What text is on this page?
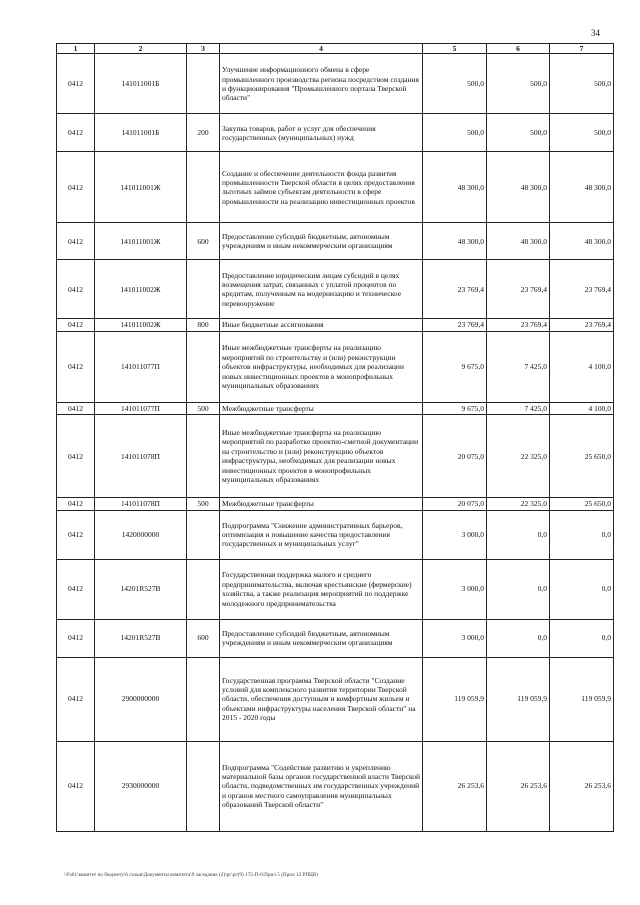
34
1	2	3	4	5	6	7
0412	141011001Б		Улучшение информационного обмена в сфере промышленного производства региона посредством создания и функционирования "Промышленного портала Тверской области"	500,0	500,0	500,0
0412	141011001Б	200	Закупка товаров, работ и услуг для обеспечения государственных (муниципальных) нужд	500,0	500,0	500,0
0412	141011001Ж		Создание и обеспечение деятельности фонда развития промышленности Тверской области в целях предоставления льготных займов субъектам деятельности в сфере промышленности на реализацию инвестиционных проектов	48 300,0	48 300,0	48 300,0
0412	141011001Ж	600	Предоставление субсидий бюджетным, автономным учреждениям и иным некоммерческим организациям	48 300,0	48 300,0	48 300,0
0412	141011002Ж		Предоставление юридическим лицам субсидий в целях возмещения затрат, связанных с уплатой процентов по кредитам, полученным на модернизацию и техническое перевооружение	23 769,4	23 769,4	23 769,4
0412	141011002Ж	800	Иные бюджетные ассигнования	23 769,4	23 769,4	23 769,4
0412	141011077П		Иные межбюджетные трансферты на реализацию мероприятий по строительству и (или) реконструкции объектов инфраструктуры, необходимых для реализации новых инвестиционных проектов в монопрофильных муниципальных образованиях	9 675,0	7 425,0	4 100,0
0412	141011077П	500	Межбюджетные трансферты	9 675,0	7 425,0	4 100,0
0412	141011078П		Иные межбюджетные трансферты на реализацию мероприятий по разработке проектно-сметной документации на строительство и (или) реконструкцию объектов инфраструктуры, необходимых для реализации новых инвестиционных проектов в монопрофильных муниципальных образованиях	20 075,0	22 325,0	25 650,0
0412	141011078П	500	Межбюджетные трансферты	20 075,0	22 325,0	25 650,0
0412	1420000000		Подпрограмма "Снижение административных барьеров, оптимизация и повышение качества предоставления государственных и муниципальных услуг"	3 000,0	0,0	0,0
0412	14201R527B		Государственная поддержка малого и среднего предпринимательства, включая крестьянские (фермерские) хозяйства, а также реализация мероприятий по поддержке молодежного предпринимательства	3 000,0	0,0	0,0
0412	14201R527B	600	Предоставление субсидий бюджетным, автономным учреждениям и иным некоммерческим организациям	3 000,0	0,0	0,0
0412	2900000000		Государственная программа Тверской области "Создание условий для комплексного развития территории Тверской области, обеспечения доступным и комфортным жильем и объектами инфраструктуры населения Тверской области" на 2015 - 2020 годы	119 059,9	119 059,9	119 059,9
0412	2930000000		Подпрограмма "Содействие развитию и укреплению материальной базы органов государственной власти Тверской области, подведомственных им государственных учреждений и органов местного самоуправления муниципальных образований Тверской области"	26 253,6	26 253,6	26 253,6
\\Fs01\комитет по бюджету\6 созыв\Документы комитета\9 заседание (2)\рг\рг(9) 172-П-6\Прил 5 (Прил 12 РПЦВ)
